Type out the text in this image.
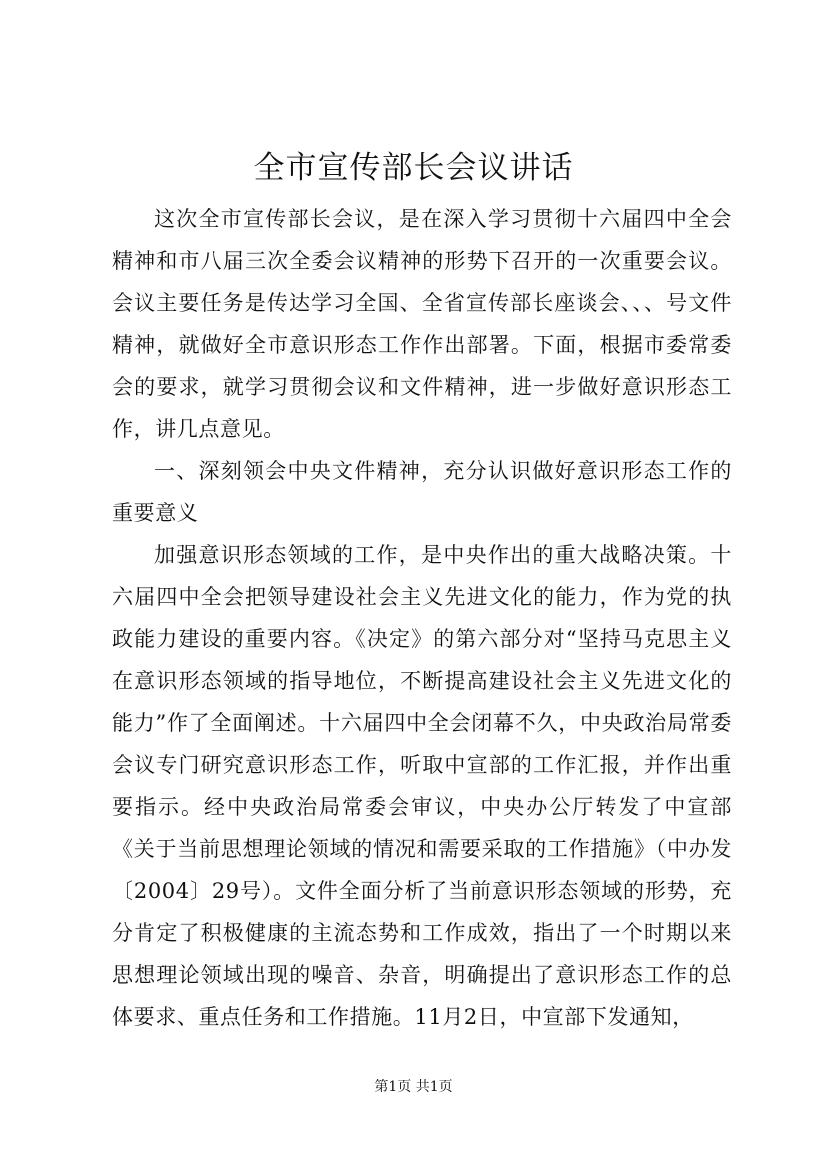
全市宣传部长会议讲话

这次全市宣传部长会议，是在深入学习贯彻十六届四中全会精神和市八届三次全委会议精神的形势下召开的一次重要会议。会议主要任务是传达学习全国、全省宣传部长座谈会、、、号文件精神，就做好全市意识形态工作作出部署。下面，根据市委常委会的要求，就学习贯彻会议和文件精神，进一步做好意识形态工作，讲几点意见。

一、深刻领会中央文件精神，充分认识做好意识形态工作的重要意义

加强意识形态领域的工作，是中央作出的重大战略决策。十六届四中全会把领导建设社会主义先进文化的能力，作为党的执政能力建设的重要内容。《决定》的第六部分对“坚持马克思主义在意识形态领域的指导地位，不断提高建设社会主义先进文化的能力”作了全面阐述。十六届四中全会闭幕不久，中央政治局常委会议专门研究意识形态工作，听取中宣部的工作汇报，并作出重要指示。经中央政治局常委会审议，中央办公厅转发了中宣部《关于当前思想理论领域的情况和需要采取的工作措施》（中办发〔2004〕29号）。文件全面分析了当前意识形态领域的形势，充分肯定了积极健康的主流态势和工作成效，指出了一个时期以来思想理论领域出现的噪音、杂音，明确提出了意识形态工作的总体要求、重点任务和工作措施。11月2日，中宣部下发通知，

第1页 共1页
